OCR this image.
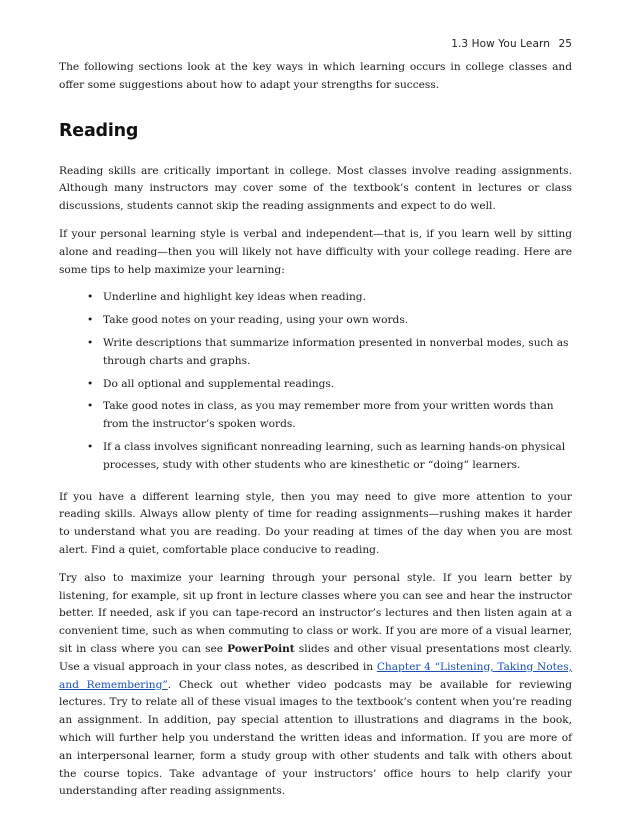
1.3 How You Learn 25

The following sections look at the key ways in which learning occurs in college classes and offer some suggestions about how to adapt your strengths for success.

Reading

Reading skills are critically important in college. Most classes involve reading assignments. Although many instructors may cover some of the textbook’s content in lectures or class discussions, students cannot skip the reading assignments and expect to do well.

If your personal learning style is verbal and independent—that is, if you learn well by sitting alone and reading—then you will likely not have difficulty with your college reading. Here are some tips to help maximize your learning:

• Underline and highlight key ideas when reading.
• Take good notes on your reading, using your own words.
• Write descriptions that summarize information presented in nonverbal modes, such as through charts and graphs.
• Do all optional and supplemental readings.
• Take good notes in class, as you may remember more from your written words than from the instructor’s spoken words.
• If a class involves significant nonreading learning, such as learning hands-on physical processes, study with other students who are kinesthetic or “doing” learners.

If you have a different learning style, then you may need to give more attention to your reading skills. Always allow plenty of time for reading assignments—rushing makes it harder to understand what you are reading. Do your reading at times of the day when you are most alert. Find a quiet, comfortable place conducive to reading.

Try also to maximize your learning through your personal style. If you learn better by listening, for example, sit up front in lecture classes where you can see and hear the instructor better. If needed, ask if you can tape-record an instructor’s lectures and then listen again at a convenient time, such as when commuting to class or work. If you are more of a visual learner, sit in class where you can see PowerPoint slides and other visual presentations most clearly. Use a visual approach in your class notes, as described in Chapter 4 “Listening, Taking Notes, and Remembering”. Check out whether video podcasts may be available for reviewing lectures. Try to relate all of these visual images to the textbook’s content when you’re reading an assignment. In addition, pay special attention to illustrations and diagrams in the book, which will further help you understand the written ideas and information. If you are more of an interpersonal learner, form a study group with other students and talk with others about the course topics. Take advantage of your instructors’ office hours to help clarify your understanding after reading assignments.
